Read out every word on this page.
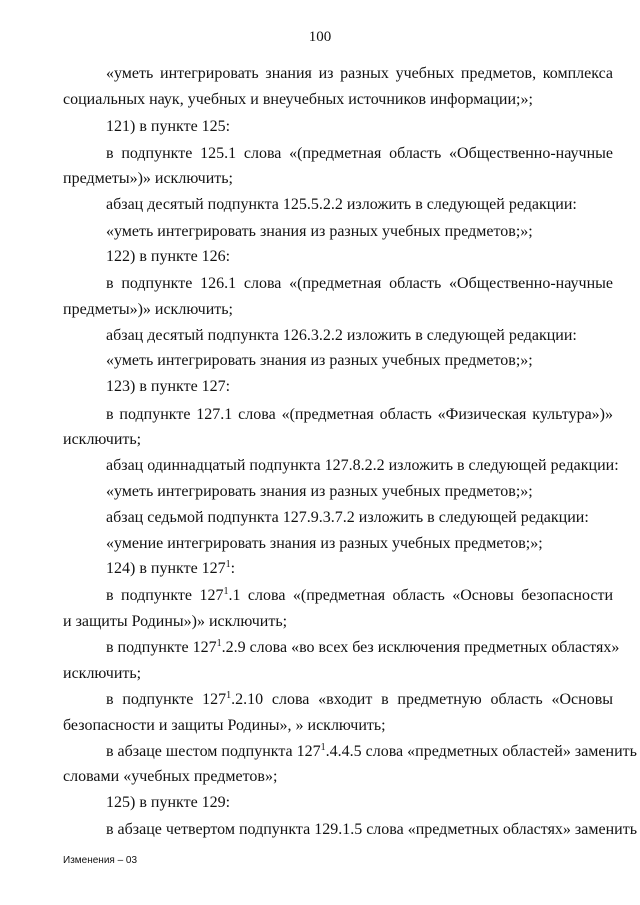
100
«уметь интегрировать знания из разных учебных предметов, комплекса
социальных наук, учебных и внеучебных источников информации;»;
121) в пункте 125:
в подпункте 125.1 слова «(предметная область «Общественно-научные
предметы»)» исключить;
абзац десятый подпункта 125.5.2.2 изложить в следующей редакции:
«уметь интегрировать знания из разных учебных предметов;»;
122) в пункте 126:
в подпункте 126.1 слова «(предметная область «Общественно-научные
предметы»)» исключить;
абзац десятый подпункта 126.3.2.2 изложить в следующей редакции:
«уметь интегрировать знания из разных учебных предметов;»;
123) в пункте 127:
в подпункте 127.1 слова «(предметная область «Физическая культура»)»
исключить;
абзац одиннадцатый подпункта 127.8.2.2 изложить в следующей редакции:
«уметь интегрировать знания из разных учебных предметов;»;
абзац седьмой подпункта 127.9.3.7.2 изложить в следующей редакции:
«умение интегрировать знания из разных учебных предметов;»;
124) в пункте $127^1$:
в подпункте $127^1.1$ слова «(предметная область «Основы безопасности
и защиты Родины»)» исключить;
в подпункте $127^1.2.9$ слова «во всех без исключения предметных областях»
исключить;
в подпункте $127^1.2.10$ слова «входит в предметную область «Основы
безопасности и защиты Родины», » исключить;
в абзаце шестом подпункта $127^1.4.4.5$ слова «предметных областей» заменить
словами «учебных предметов»;
125) в пункте 129:
в абзаце четвертом подпункта 129.1.5 слова «предметных областях» заменить
Изменения – 03
